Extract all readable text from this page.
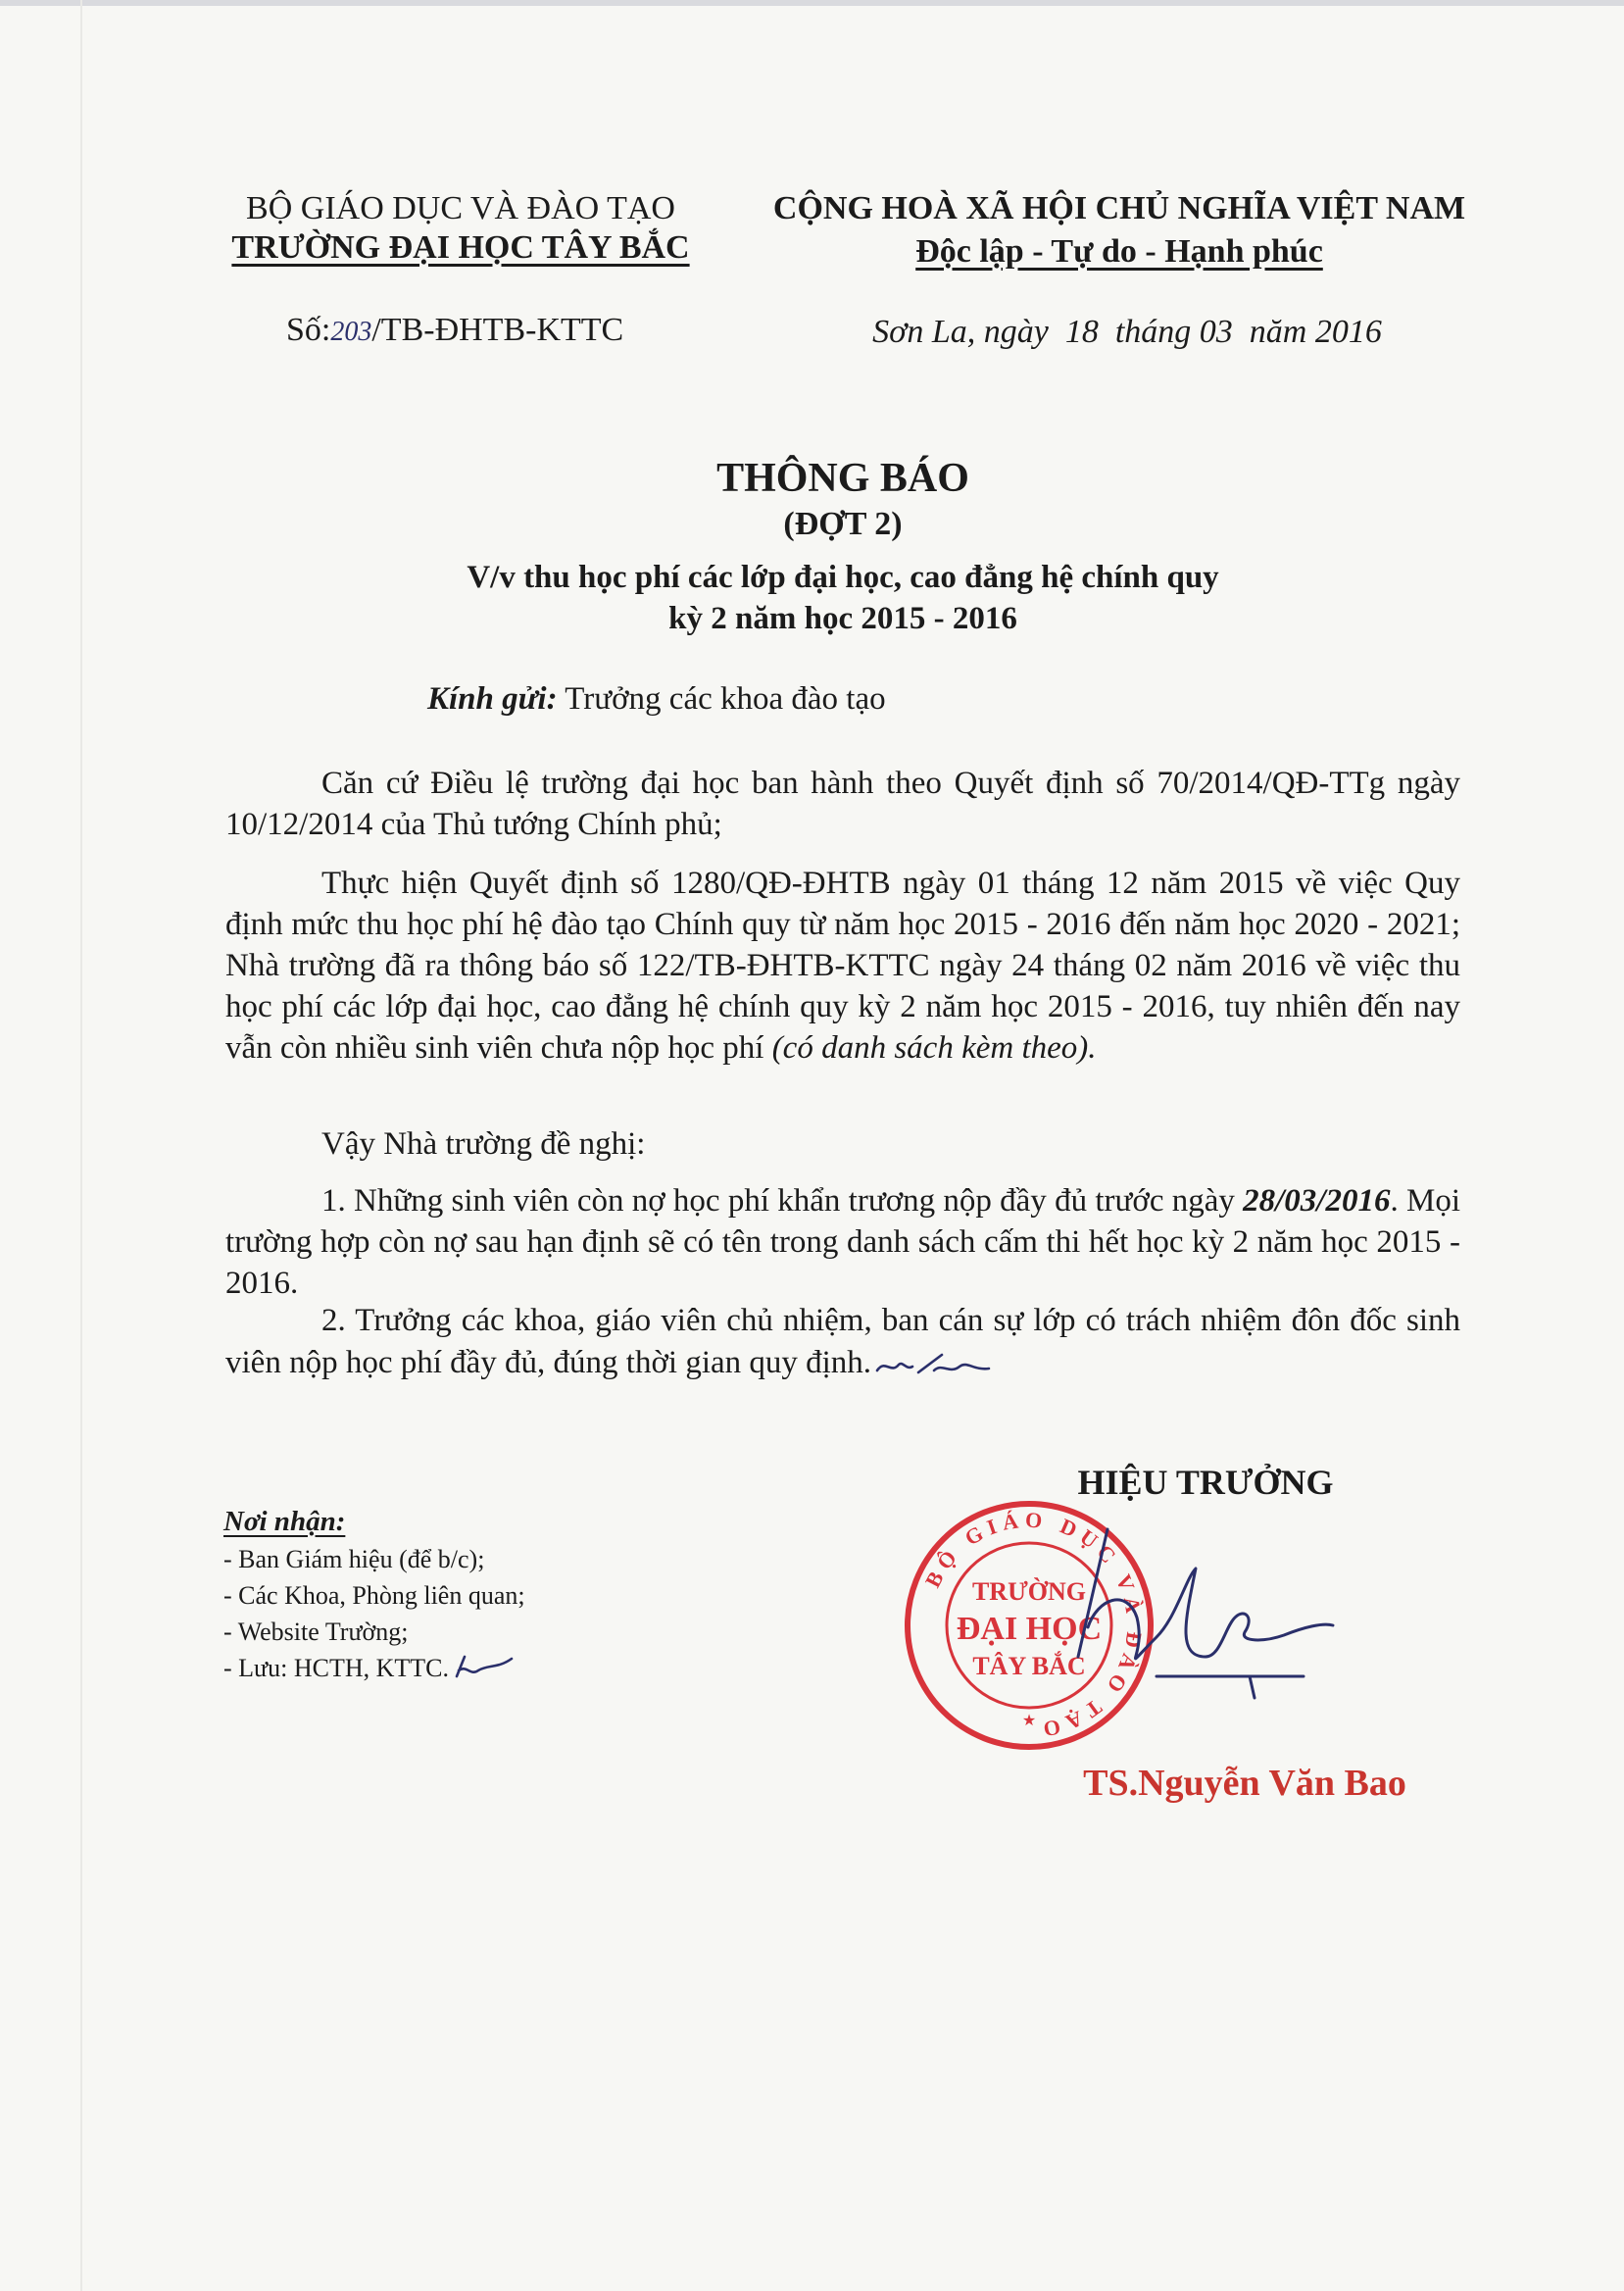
BỘ GIÁO DỤC VÀ ĐÀO TẠO
TRƯỜNG ĐẠI HỌC TÂY BẮC
Số:203/TB-ĐHTB-KTTC
CỘNG HOÀ XÃ HỘI CHỦ NGHĨA VIỆT NAM
Độc lập - Tự do - Hạnh phúc
Sơn La, ngày  18  tháng 03  năm 2016
THÔNG BÁO
(ĐỢT 2)
V/v thu học phí các lớp đại học, cao đẳng hệ chính quy
kỳ 2 năm học 2015 - 2016
Kính gửi: Trưởng các khoa đào tạo
Căn cứ Điều lệ trường đại học ban hành theo Quyết định số 70/2014/QĐ-TTg ngày 10/12/2014 của Thủ tướng Chính phủ;
Thực hiện Quyết định số 1280/QĐ-ĐHTB ngày 01 tháng 12 năm 2015 về việc Quy định mức thu học phí hệ đào tạo Chính quy từ năm học 2015 - 2016 đến năm học 2020 - 2021; Nhà trường đã ra thông báo số 122/TB-ĐHTB-KTTC ngày 24 tháng 02 năm 2016 về việc thu học phí các lớp đại học, cao đẳng hệ chính quy kỳ 2 năm học 2015 - 2016, tuy nhiên đến nay vẫn còn nhiều sinh viên chưa nộp học phí (có danh sách kèm theo).
Vậy Nhà trường đề nghị:
1. Những sinh viên còn nợ học phí khẩn trương nộp đầy đủ trước ngày 28/03/2016. Mọi trường hợp còn nợ sau hạn định sẽ có tên trong danh sách cấm thi hết học kỳ 2 năm học 2015 - 2016.
2. Trưởng các khoa, giáo viên chủ nhiệm, ban cán sự lớp có trách nhiệm đôn đốc sinh viên nộp học phí đầy đủ, đúng thời gian quy định.
Nơi nhận:
- Ban Giám hiệu (để b/c);
- Các Khoa, Phòng liên quan;
- Website Trường;
- Lưu: HCTH, KTTC.
HIỆU TRƯỞNG
BỘ GIÁO DỤC VÀ ĐÀO TẠO
TRƯỜNG
ĐẠI HỌC
TÂY BẮC
★
TS.Nguyễn Văn Bao
